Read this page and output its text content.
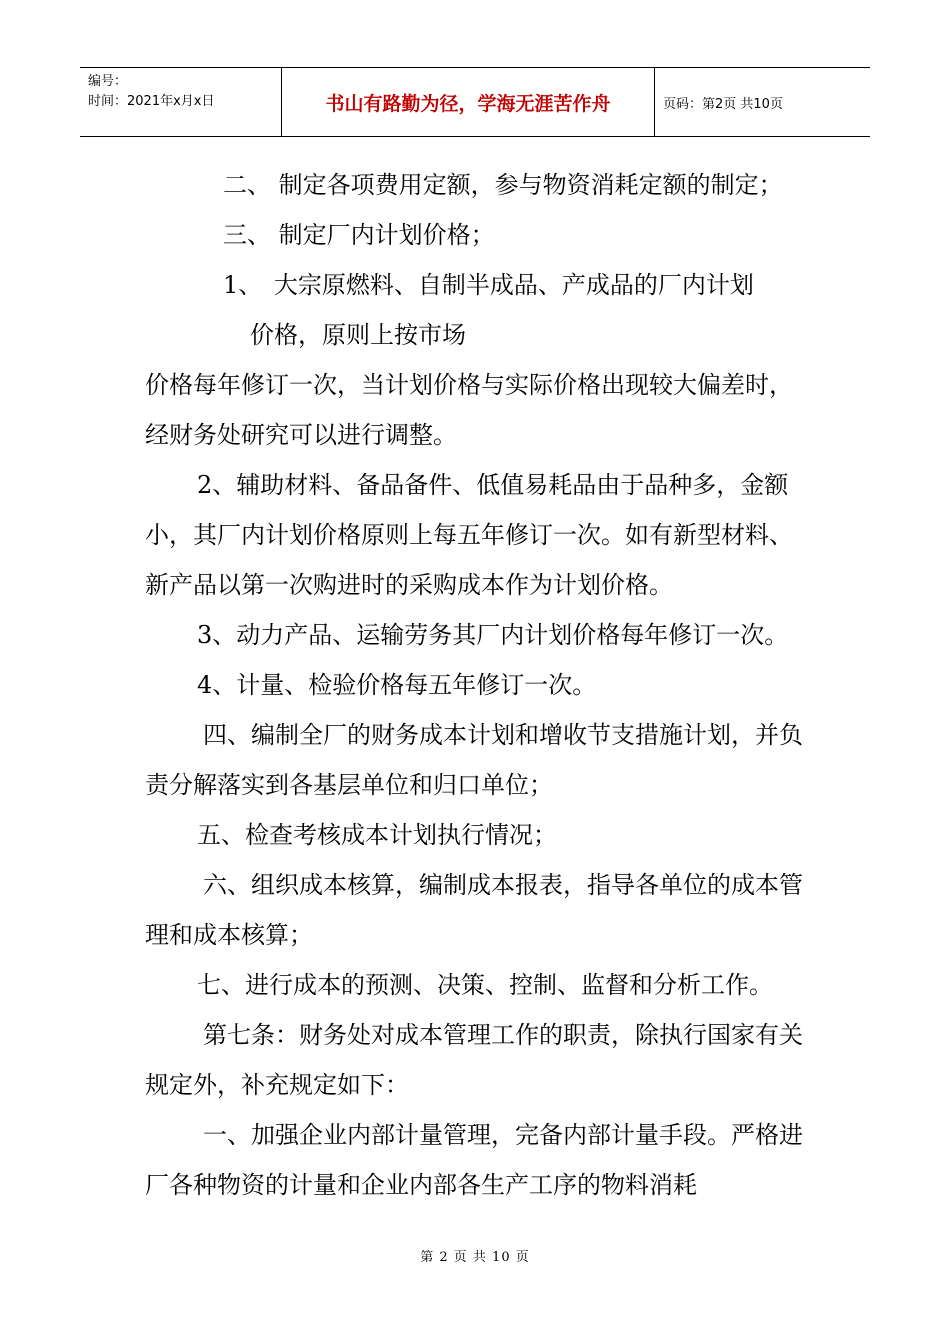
编号：
时间：2021年x月x日	书山有路勤为径，学海无涯苦作舟	页码：第2页 共10页

二、 制定各项费用定额，参与物资消耗定额的制定；

三、 制定厂内计划价格；

1、 大宗原燃料、自制半成品、产成品的厂内计划

价格，原则上按市场

价格每年修订一次，当计划价格与实际价格出现较大偏差时，经财务处研究可以进行调整。

2、辅助材料、备品备件、低值易耗品由于品种多，金额小，其厂内计划价格原则上每五年修订一次。如有新型材料、新产品以第一次购进时的采购成本作为计划价格。

3、动力产品、运输劳务其厂内计划价格每年修订一次。

4、计量、检验价格每五年修订一次。

四、编制全厂的财务成本计划和增收节支措施计划，并负责分解落实到各基层单位和归口单位；

五、检查考核成本计划执行情况；

六、组织成本核算，编制成本报表，指导各单位的成本管理和成本核算；

七、进行成本的预测、决策、控制、监督和分析工作。

第七条：财务处对成本管理工作的职责，除执行国家有关规定外，补充规定如下：

一、加强企业内部计量管理，完备内部计量手段。严格进厂各种物资的计量和企业内部各生产工序的物料消耗

第 2 页 共 10 页
